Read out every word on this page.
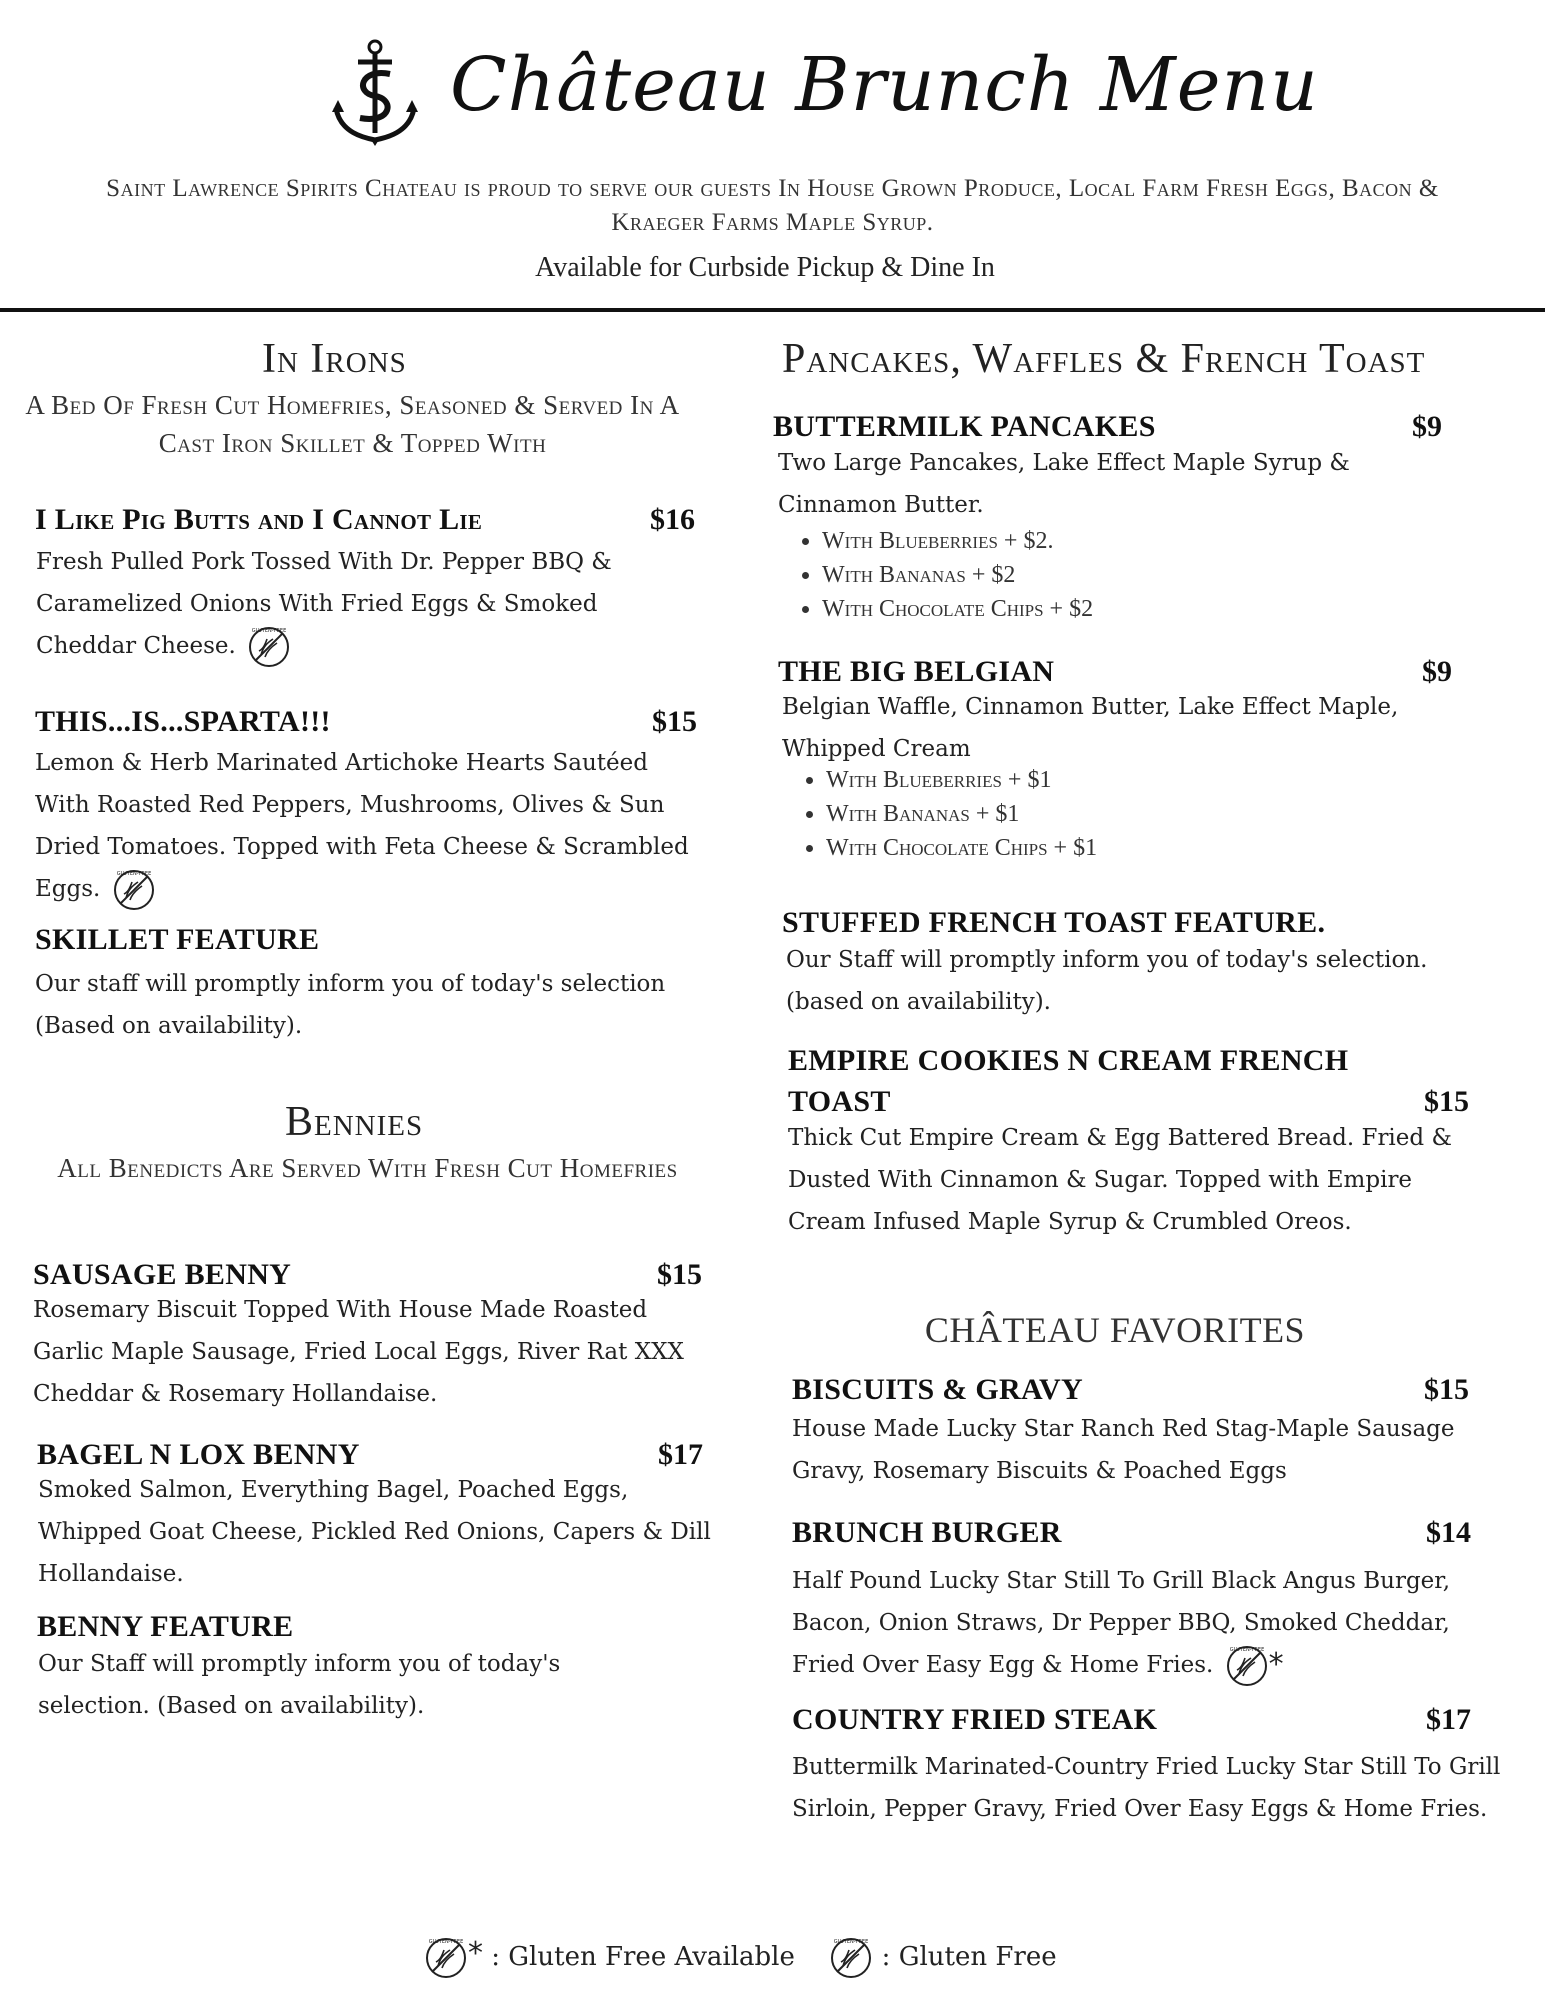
Château Brunch Menu
Saint Lawrence Spirits Chateau is proud to serve our guests In House Grown Produce, Local Farm Fresh Eggs, Bacon & Kraeger Farms Maple Syrup.
Available for Curbside Pickup & Dine In
In Irons
A Bed Of Fresh Cut Homefries, Seasoned & Served In A Cast Iron Skillet & Topped With
I Like Pig Butts and I Cannot Lie	$16
Fresh Pulled Pork Tossed With Dr. Pepper BBQ & Caramelized Onions With Fried Eggs & Smoked Cheddar Cheese.
GLUTEN-FREE
THIS...IS...SPARTA!!!	$15
Lemon & Herb Marinated Artichoke Hearts Sautéed With Roasted Red Peppers, Mushrooms, Olives & Sun Dried Tomatoes. Topped with Feta Cheese & Scrambled Eggs.
GLUTEN-FREE
SKILLET FEATURE
Our staff will promptly inform you of today's selection (Based on availability).
Bennies
All Benedicts Are Served With Fresh Cut Homefries
SAUSAGE BENNY	$15
Rosemary Biscuit Topped With House Made Roasted Garlic Maple Sausage, Fried Local Eggs, River Rat XXX Cheddar & Rosemary Hollandaise.
BAGEL N LOX BENNY	$17
Smoked Salmon, Everything Bagel, Poached Eggs, Whipped Goat Cheese, Pickled Red Onions, Capers & Dill Hollandaise.
BENNY FEATURE
Our Staff will promptly inform you of today's selection. (Based on availability).
Pancakes, Waffles & French Toast
BUTTERMILK PANCAKES	$9
Two Large Pancakes, Lake Effect Maple Syrup & Cinnamon Butter.
• With Blueberries + $2.
• With Bananas + $2
• With Chocolate Chips + $2
THE BIG BELGIAN	$9
Belgian Waffle, Cinnamon Butter, Lake Effect Maple, Whipped Cream
• With Blueberries + $1
• With Bananas + $1
• With Chocolate Chips + $1
STUFFED FRENCH TOAST FEATURE.
Our Staff will promptly inform you of today's selection. (based on availability).
EMPIRE COOKIES N CREAM FRENCH
TOAST	$15
Thick Cut Empire Cream & Egg Battered Bread. Fried & Dusted With Cinnamon & Sugar. Topped with Empire Cream Infused Maple Syrup & Crumbled Oreos.
CHÂTEAU FAVORITES
BISCUITS & GRAVY	$15
House Made Lucky Star Ranch Red Stag-Maple Sausage Gravy, Rosemary Biscuits & Poached Eggs
BRUNCH BURGER	$14
Half Pound Lucky Star Still To Grill Black Angus Burger, Bacon, Onion Straws, Dr Pepper BBQ, Smoked Cheddar, Fried Over Easy Egg & Home Fries.
GLUTEN-FREE *
COUNTRY FRIED STEAK	$17
Buttermilk Marinated-Country Fried Lucky Star Still To Grill Sirloin, Pepper Gravy, Fried Over Easy Eggs & Home Fries.
GLUTEN-FREE * : Gluten Free Available	GLUTEN-FREE : Gluten Free
